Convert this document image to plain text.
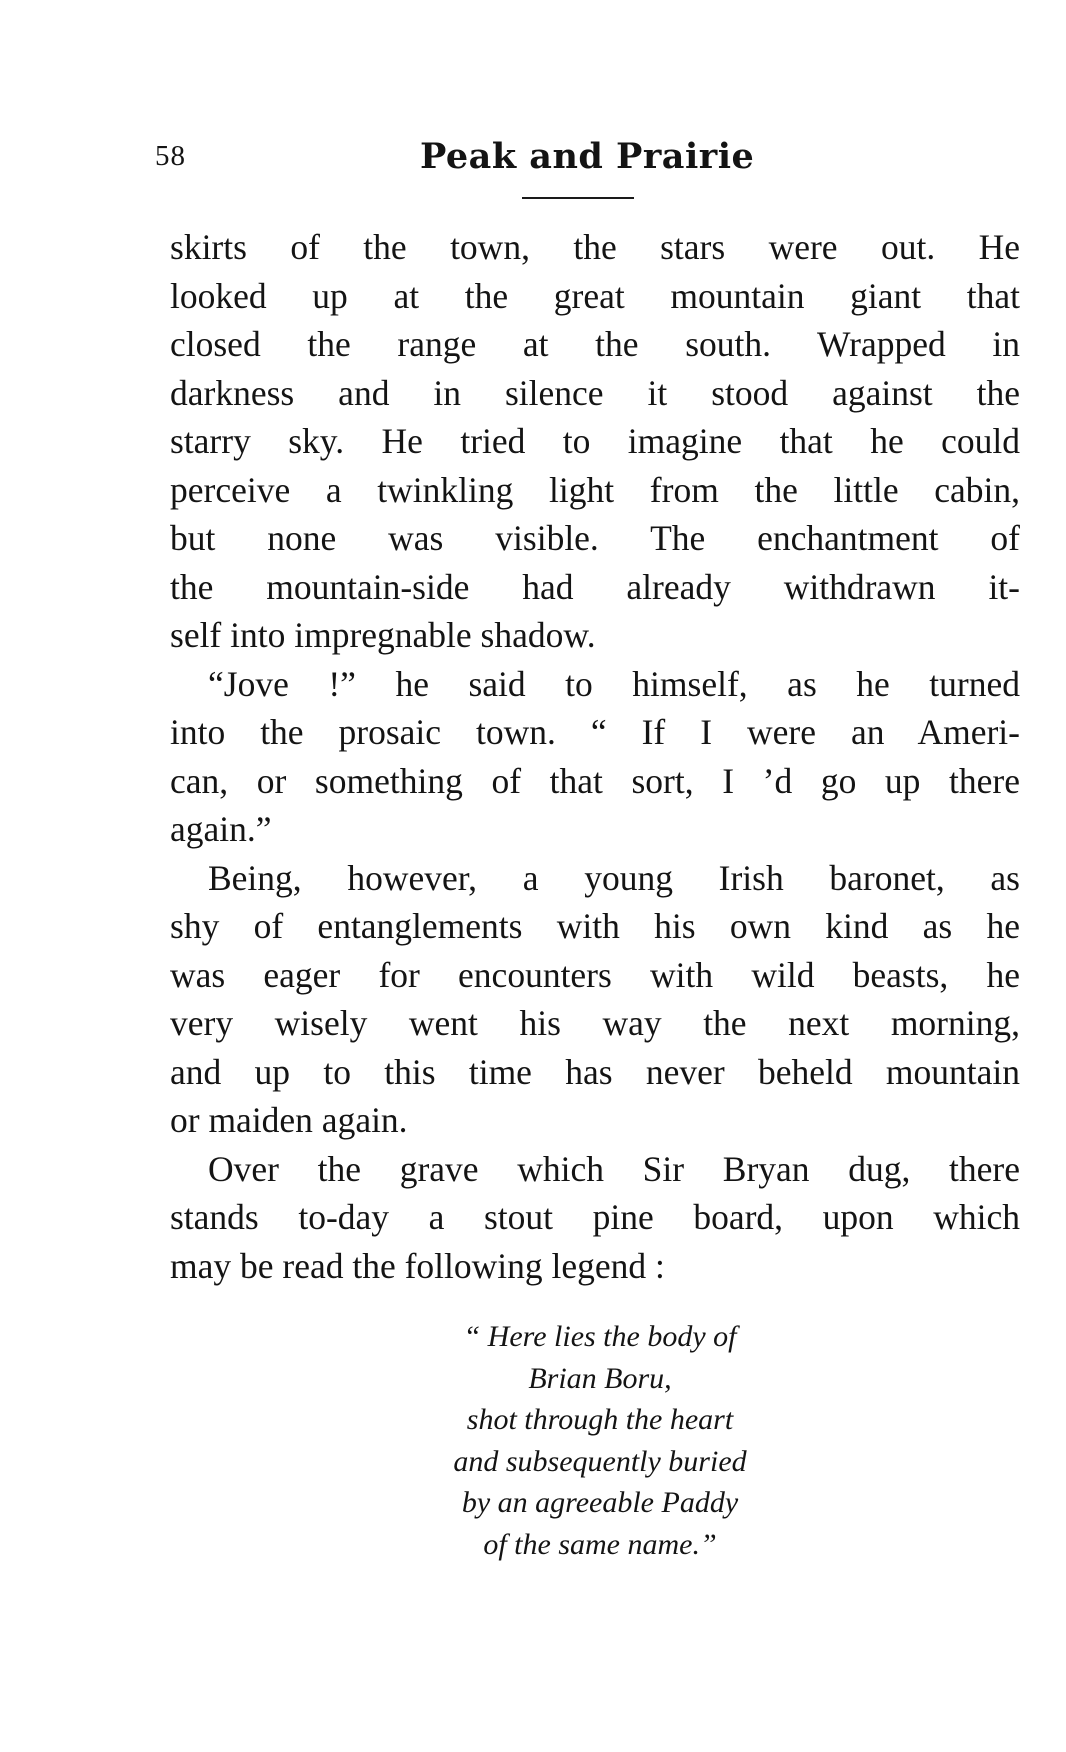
58	Peak and Prairie
skirts of the town, the stars were out. He
looked up at the great mountain giant that
closed the range at the south. Wrapped in
darkness and in silence it stood against the
starry sky. He tried to imagine that he could
perceive a twinkling light from the little cabin,
but none was visible. The enchantment of
the mountain-side had already withdrawn it-
self into impregnable shadow.
“Jove !” he said to himself, as he turned
into the prosaic town. “ If I were an Ameri-
can, or something of that sort, I ’d go up there
again.”
Being, however, a young Irish baronet, as
shy of entanglements with his own kind as he
was eager for encounters with wild beasts, he
very wisely went his way the next morning,
and up to this time has never beheld mountain
or maiden again.
Over the grave which Sir Bryan dug, there
stands to-day a stout pine board, upon which
may be read the following legend :
“ Here lies the body of
Brian Boru,
shot through the heart
and subsequently buried
by an agreeable Paddy
of the same name.”
